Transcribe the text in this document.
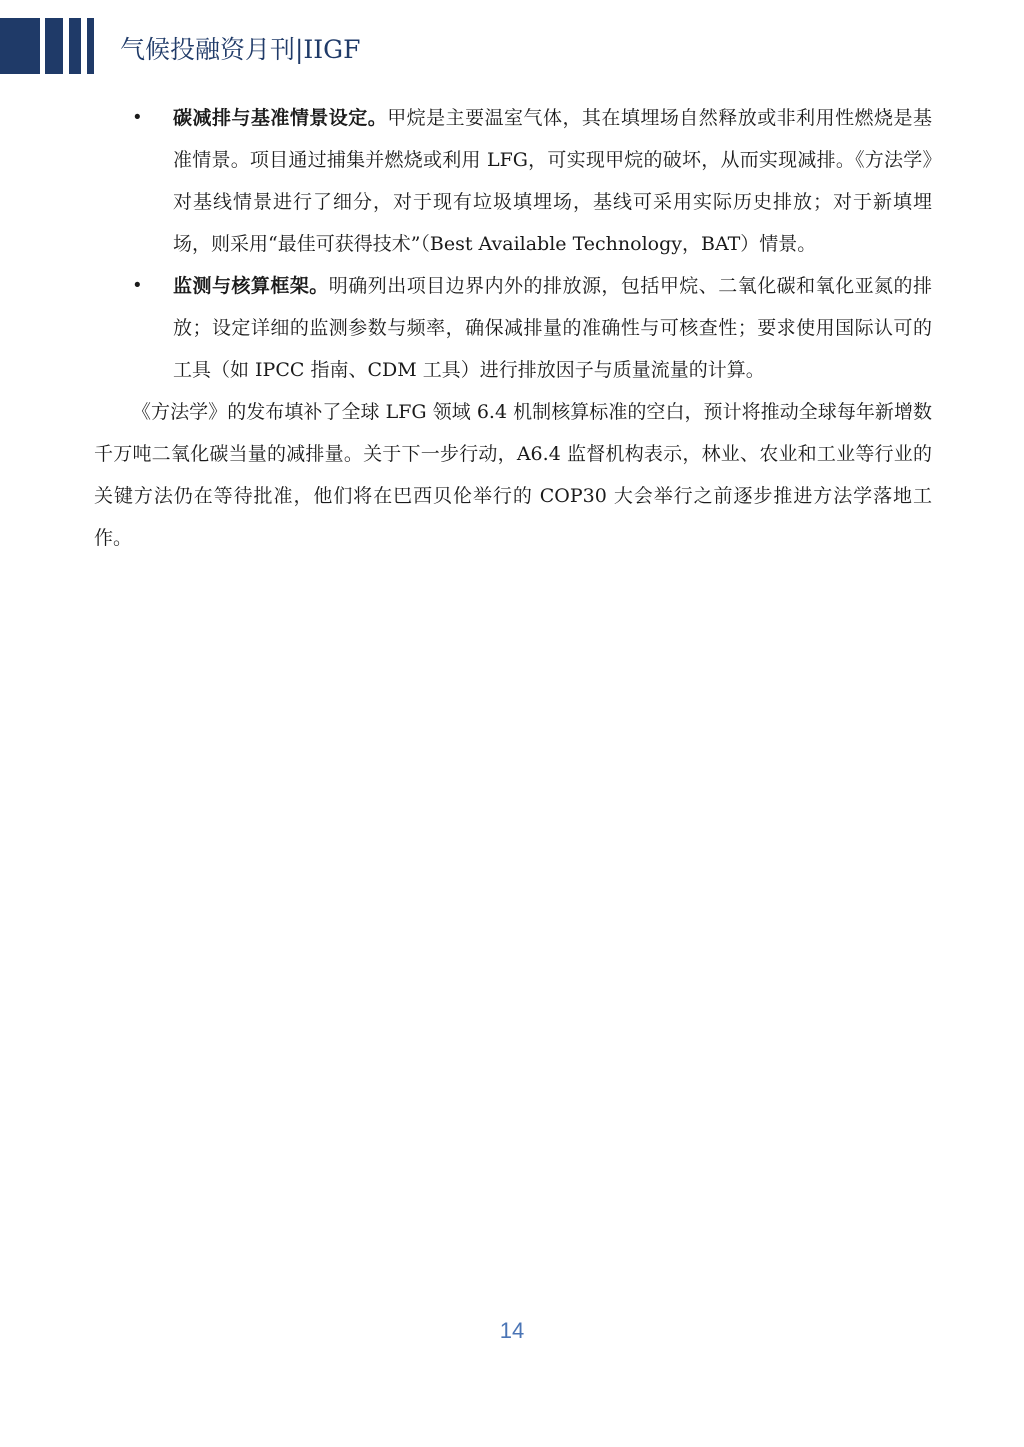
气候投融资月刊|IIGF
• 碳减排与基准情景设定。甲烷是主要温室气体，其在填埋场自然释放或非利用性燃烧是基准情景。项目通过捕集并燃烧或利用 LFG，可实现甲烷的破坏，从而实现减排。《方法学》对基线情景进行了细分，对于现有垃圾填埋场，基线可采用实际历史排放；对于新填埋场，则采用“最佳可获得技术”（Best Available Technology，BAT）情景。
• 监测与核算框架。明确列出项目边界内外的排放源，包括甲烷、二氧化碳和氧化亚氮的排放；设定详细的监测参数与频率，确保减排量的准确性与可核查性；要求使用国际认可的工具（如 IPCC 指南、CDM 工具）进行排放因子与质量流量的计算。

《方法学》的发布填补了全球 LFG 领域 6.4 机制核算标准的空白，预计将推动全球每年新增数千万吨二氧化碳当量的减排量。关于下一步行动，A6.4 监督机构表示，林业、农业和工业等行业的关键方法仍在等待批准，他们将在巴西贝伦举行的 COP30 大会举行之前逐步推进方法学落地工作。

14
